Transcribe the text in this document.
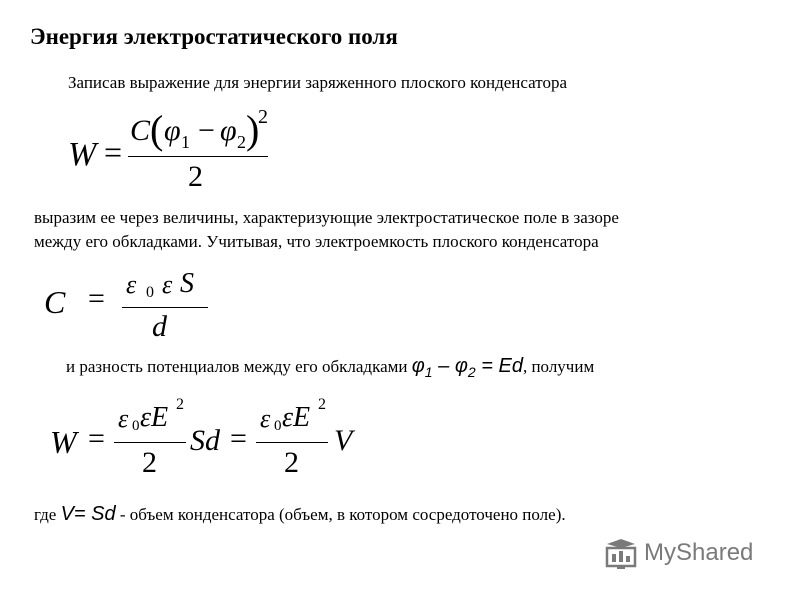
Энергия электростатического поля
Записав выражение для энергии заряженного плоского конденсатора
W =
C ( φ 1 − φ 2 )
2
2
выразим ее через величины, характеризующие электростатическое поле в зазоре
между его обкладками. Учитывая, что электроемкость плоского конденсатора
C = ε 0 ε S
d
и разность потенциалов между его обкладками $\varphi_1 - \varphi_2 = Ed$, получим
W =
ε 0 εE 2
2
Sd =
ε 0 εE 2
2
V
где V= Sd - объем конденсатора (объем, в котором сосредоточено поле).
MyShared
